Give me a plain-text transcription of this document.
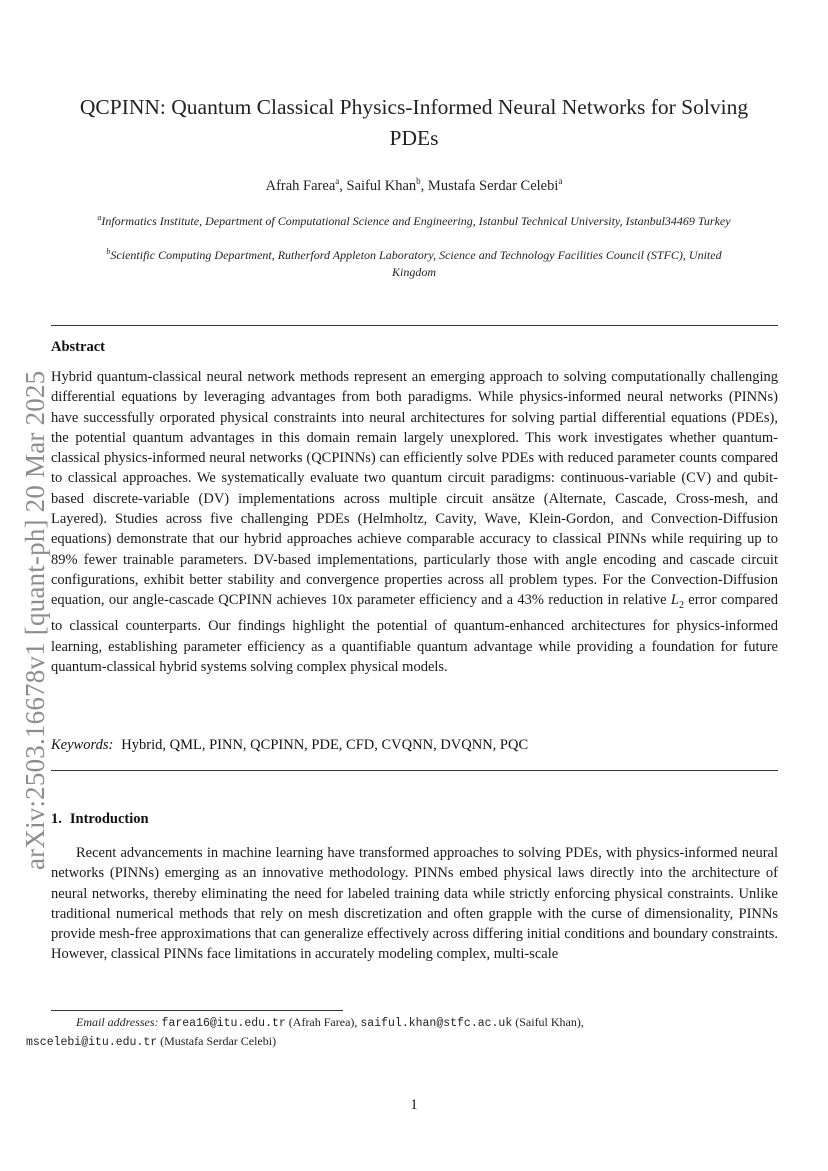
arXiv:2503.16678v1 [quant-ph] 20 Mar 2025
QCPINN: Quantum Classical Physics-Informed Neural Networks for Solving PDEs
Afrah Farea$^a$, Saiful Khan$^b$, Mustafa Serdar Celebi$^a$
$^a$Informatics Institute, Department of Computational Science and Engineering, Istanbul Technical University, Istanbul34469 Turkey
$^b$Scientific Computing Department, Rutherford Appleton Laboratory, Science and Technology Facilities Council (STFC), United Kingdom
Abstract
Hybrid quantum-classical neural network methods represent an emerging approach to solving computationally challenging differential equations by leveraging advantages from both paradigms. While physics-informed neural networks (PINNs) have successfully orporated physical constraints into neural architectures for solving partial differential equations (PDEs), the potential quantum advantages in this domain remain largely unexplored. This work investigates whether quantum-classical physics-informed neural networks (QCPINNs) can efficiently solve PDEs with reduced parameter counts compared to classical approaches. We systematically evaluate two quantum circuit paradigms: continuous-variable (CV) and qubit-based discrete-variable (DV) implementations across multiple circuit ansätze (Alternate, Cascade, Cross-mesh, and Layered). Studies across five challenging PDEs (Helmholtz, Cavity, Wave, Klein-Gordon, and Convection-Diffusion equations) demonstrate that our hybrid approaches achieve comparable accuracy to classical PINNs while requiring up to 89% fewer trainable parameters. DV-based implementations, particularly those with angle encoding and cascade circuit configurations, exhibit better stability and convergence properties across all problem types. For the Convection-Diffusion equation, our angle-cascade QCPINN achieves 10x parameter efficiency and a 43% reduction in relative $L_2$ error compared to classical counterparts. Our findings highlight the potential of quantum-enhanced architectures for physics-informed learning, establishing parameter efficiency as a quantifiable quantum advantage while providing a foundation for future quantum-classical hybrid systems solving complex physical models.
Keywords: Hybrid, QML, PINN, QCPINN, PDE, CFD, CVQNN, DVQNN, PQC
1. Introduction
Recent advancements in machine learning have transformed approaches to solving PDEs, with physics-informed neural networks (PINNs) emerging as an innovative methodology. PINNs embed physical laws directly into the architecture of neural networks, thereby eliminating the need for labeled training data while strictly enforcing physical constraints. Unlike traditional numerical methods that rely on mesh discretization and often grapple with the curse of dimensionality, PINNs provide mesh-free approximations that can generalize effectively across differing initial conditions and boundary constraints. However, classical PINNs face limitations in accurately modeling complex, multi-scale
Email addresses: farea16@itu.edu.tr (Afrah Farea), saiful.khan@stfc.ac.uk (Saiful Khan),
mscelebi@itu.edu.tr (Mustafa Serdar Celebi)
1
